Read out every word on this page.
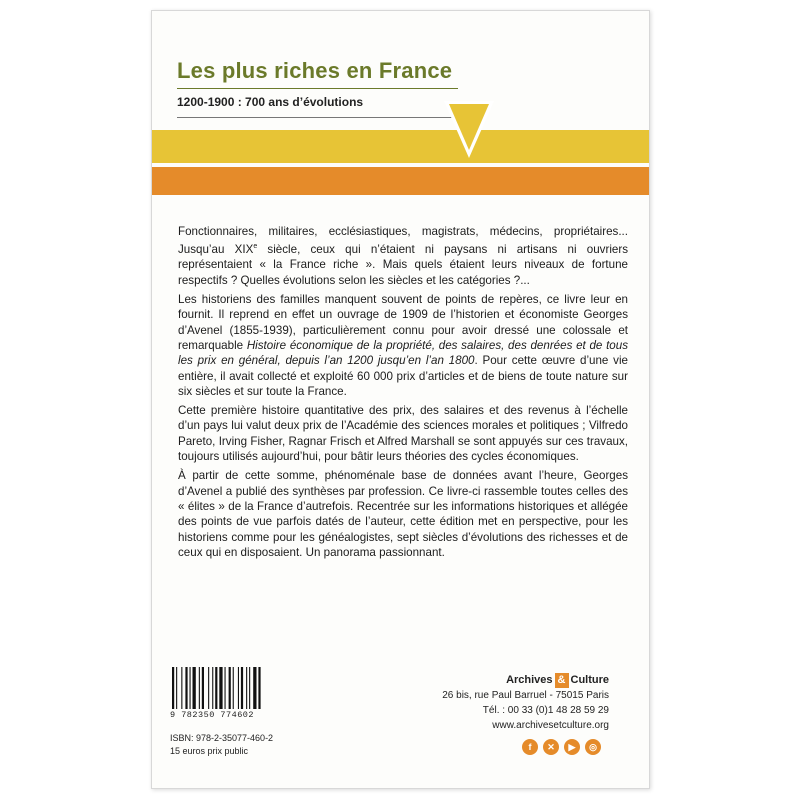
Les plus riches en France
1200-1900 : 700 ans d’évolutions

Fonctionnaires, militaires, ecclésiastiques, magistrats, médecins, propriétaires... Jusqu’au XIXe siècle, ceux qui n’étaient ni paysans ni artisans ni ouvriers représentaient « la France riche ». Mais quels étaient leurs niveaux de fortune respectifs ? Quelles évolutions selon les siècles et les catégories ?...

Les historiens des familles manquent souvent de points de repères, ce livre leur en fournit. Il reprend en effet un ouvrage de 1909 de l’historien et économiste Georges d’Avenel (1855-1939), particulièrement connu pour avoir dressé une colossale et remarquable Histoire économique de la propriété, des salaires, des denrées et de tous les prix en général, depuis l’an 1200 jusqu’en l’an 1800. Pour cette œuvre d’une vie entière, il avait collecté et exploité 60 000 prix d’articles et de biens de toute nature sur six siècles et sur toute la France.

Cette première histoire quantitative des prix, des salaires et des revenus à l’échelle d’un pays lui valut deux prix de l’Académie des sciences morales et politiques ; Vilfredo Pareto, Irving Fisher, Ragnar Frisch et Alfred Marshall se sont appuyés sur ces travaux, toujours utilisés aujourd’hui, pour bâtir leurs théories des cycles économiques.

À partir de cette somme, phénoménale base de données avant l’heure, Georges d’Avenel a publié des synthèses par profession. Ce livre-ci rassemble toutes celles des « élites » de la France d’autrefois. Recentrée sur les informations historiques et allégée des points de vue parfois datés de l’auteur, cette édition met en perspective, pour les historiens comme pour les généalogistes, sept siècles d’évolutions des richesses et de ceux qui en disposaient. Un panorama passionnant.

9 782350 774602
ISBN: 978-2-35077-460-2
15 euros prix public
Archives & Culture
26 bis, rue Paul Barruel - 75015 Paris
Tél. : 00 33 (0)1 48 28 59 29
www.archivesetculture.org
f	✕	▶	◎
